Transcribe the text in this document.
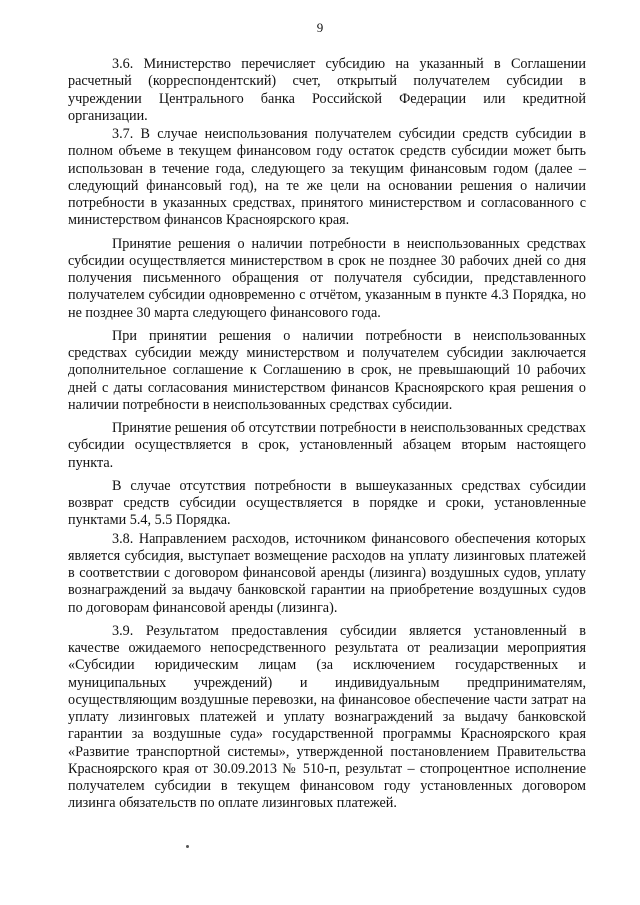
9

3.6. Министерство перечисляет субсидию на указанный в Соглашении расчетный (корреспондентский) счет, открытый получателем субсидии в учреждении Центрального банка Российской Федерации или кредитной организации.

3.7. В случае неиспользования получателем субсидии средств субсидии в полном объеме в текущем финансовом году остаток средств субсидии может быть использован в течение года, следующего за текущим финансовым годом (далее – следующий финансовый год), на те же цели на основании решения о наличии потребности в указанных средствах, принятого министерством и согласованного с министерством финансов Красноярского края.

Принятие решения о наличии потребности в неиспользованных средствах субсидии осуществляется министерством в срок не позднее 30 рабочих дней со дня получения письменного обращения от получателя субсидии, представленного получателем субсидии одновременно с отчётом, указанным в пункте 4.3 Порядка, но не позднее 30 марта следующего финансового года.

При принятии решения о наличии потребности в неиспользованных средствах субсидии между министерством и получателем субсидии заключается дополнительное соглашение к Соглашению в срок, не превышающий 10 рабочих дней с даты согласования министерством финансов Красноярского края решения о наличии потребности в неиспользованных средствах субсидии.

Принятие решения об отсутствии потребности в неиспользованных средствах субсидии осуществляется в срок, установленный абзацем вторым настоящего пункта.

В случае отсутствия потребности в вышеуказанных средствах субсидии возврат средств субсидии осуществляется в порядке и сроки, установленные пунктами 5.4, 5.5 Порядка.

3.8. Направлением расходов, источником финансового обеспечения которых является субсидия, выступает возмещение расходов на уплату лизинговых платежей в соответствии с договором финансовой аренды (лизинга) воздушных судов, уплату вознаграждений за выдачу банковской гарантии на приобретение воздушных судов по договорам финансовой аренды (лизинга).

3.9. Результатом предоставления субсидии является установленный в качестве ожидаемого непосредственного результата от реализации мероприятия «Субсидии юридическим лицам (за исключением государственных и муниципальных учреждений) и индивидуальным предпринимателям, осуществляющим воздушные перевозки, на финансовое обеспечение части затрат на уплату лизинговых платежей и уплату вознаграждений за выдачу банковской гарантии за воздушные суда» государственной программы Красноярского края «Развитие транспортной системы», утвержденной постановлением Правительства Красноярского края от 30.09.2013 № 510-п, результат – стопроцентное исполнение получателем субсидии в текущем финансовом году установленных договором лизинга обязательств по оплате лизинговых платежей.
